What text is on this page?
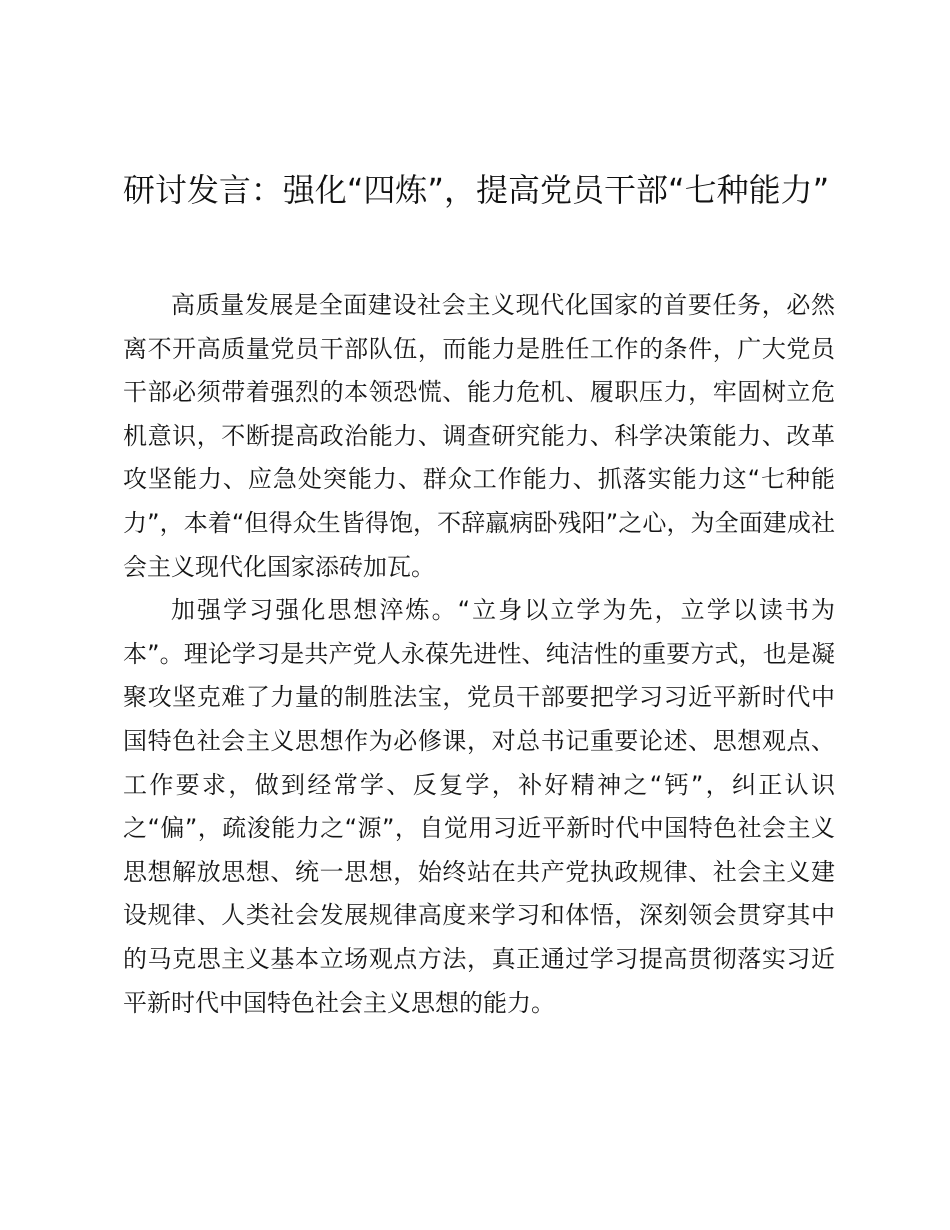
研讨发言：强化“四炼”，提高党员干部“七种能力”

高质量发展是全面建设社会主义现代化国家的首要任务，必然离不开高质量党员干部队伍，而能力是胜任工作的条件，广大党员干部必须带着强烈的本领恐慌、能力危机、履职压力，牢固树立危机意识，不断提高政治能力、调查研究能力、科学决策能力、改革攻坚能力、应急处突能力、群众工作能力、抓落实能力这“七种能力”，本着“但得众生皆得饱，不辞羸病卧残阳”之心，为全面建成社会主义现代化国家添砖加瓦。

加强学习强化思想淬炼。“立身以立学为先，立学以读书为本”。理论学习是共产党人永葆先进性、纯洁性的重要方式，也是凝聚攻坚克难了力量的制胜法宝，党员干部要把学习习近平新时代中国特色社会主义思想作为必修课，对总书记重要论述、思想观点、工作要求，做到经常学、反复学，补好精神之“钙”，纠正认识之“偏”，疏浚能力之“源”，自觉用习近平新时代中国特色社会主义思想解放思想、统一思想，始终站在共产党执政规律、社会主义建设规律、人类社会发展规律高度来学习和体悟，深刻领会贯穿其中的马克思主义基本立场观点方法，真正通过学习提高贯彻落实习近平新时代中国特色社会主义思想的能力。
